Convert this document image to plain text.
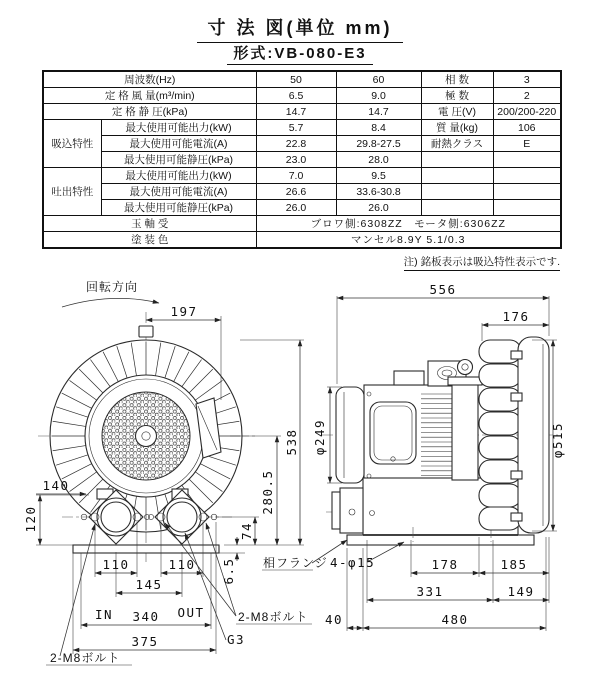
寸 法 図(単位 mm)
形式:VB-080-E3
周波数(Hz)		50	60	相 数	3
定 格 風 量(m³/min)		6.5	9.0	極 数	2
定 格 静 圧(kPa)		14.7	14.7	電 圧(V)	200/200-220
吸込特性	最大使用可能出力(kW)	5.7	8.4	質 量(kg)	106
	最大使用可能電流(A)	22.8	29.8-27.5	耐熱クラス	E
	最大使用可能静圧(kPa)	23.0	28.0		
吐出特性	最大使用可能出力(kW)	7.0	9.5		
	最大使用可能電流(A)	26.6	33.6-30.8		
	最大使用可能静圧(kPa)	26.0	26.0		
玉 軸 受		ブロワ側:6308ZZ　モータ側:6306ZZ			
塗 装 色		マンセル8.9Y 5.1/0.3			
注) 銘板表示は吸込特性表示です.
回転方向
197
538
280.5
74
6.5
140
120
110	110
145
340
IN	OUT
375
2-M8ボルト
G3
2-M8ボルト
556
176
φ515
φ249
相フランジ 4-φ15	178	185
331	149
480
40
